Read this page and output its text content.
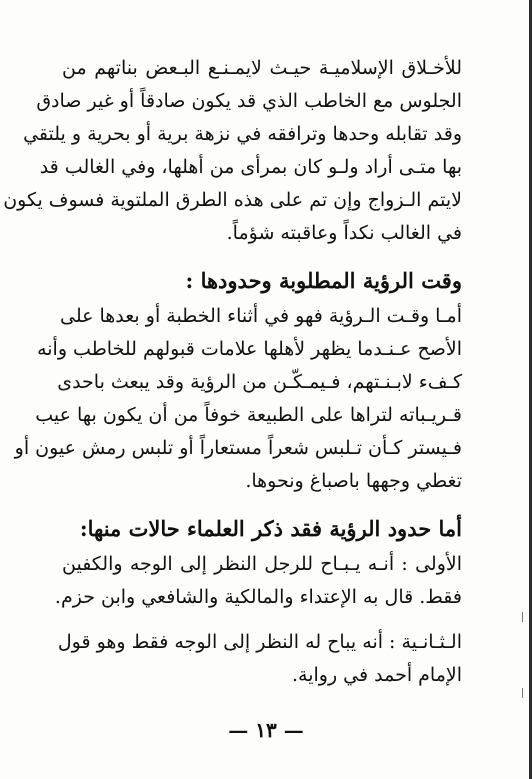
للأخـلاق الإسلاميـة حيـث لايمـنـع البـعض بناتهم من
الجلوس مع الخاطب الذي قد يكون صادقاً أو غير صادق
وقد تقابله وحدها وترافقه في نزهة برية أو بحرية و يلتقي
بها متـى أراد ولـو كان بمرأى من أهلها، وفي الغالب قد
لايتم الـزواج وإن تم على هذه الطرق الملتوية فسوف يكون
في الغالب نكداً وعاقبته شؤماً.
وقت الرؤية المطلوبة وحدودها :
أمـا وقـت الـرؤية فهو في أثناء الخطبة أو بعدها على
الأصح عـنـدما يظهر لأهلها علامات قبولهم للخاطب وأنه
كـفء لابـنـتهم، فـيمـكّـن من الرؤية وقد يبعث باحدى
قـريـباته لتراها على الطبيعة خوفاً من أن يكون بها عيب
فـيستر كـأن تـلبس شعراً مستعاراً أو تلبس رمش عيون أو
تغطي وجهها باصباغ ونحوها.
أما حدود الرؤية فقد ذكر العلماء حالات منها:
الأولى : أنـه يـبـاح للرجل النظر إلى الوجه والكفين
فقط. قال به الإعتداء والمالكية والشافعي وابن حزم.
الـثـانـية : أنه يباح له النظر إلى الوجه فقط وهو قول
الإمام أحمد في رواية.
— ١٣ —
